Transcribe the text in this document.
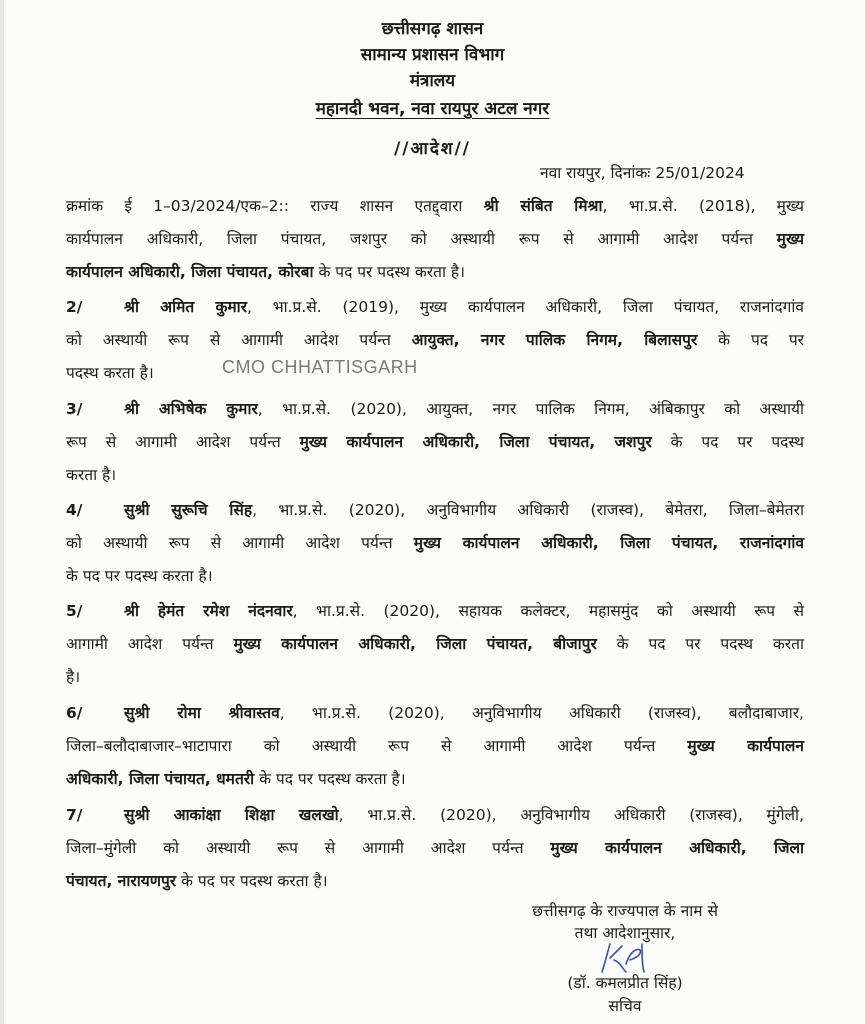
छत्तीसगढ़ शासन
सामान्य प्रशासन विभाग
मंत्रालय
महानदी भवन, नवा रायपुर अटल नगर
//आदेश//
नवा रायपुर, दिनांकः 25/01/2024
क्रमांक ई 1–03/2024/एक–2:: राज्य शासन एतद्द्वारा श्री संबित मिश्रा, भा.प्र.से. (2018), मुख्य
कार्यपालन अधिकारी, जिला पंचायत, जशपुर को अस्थायी रूप से आगामी आदेश पर्यन्त मुख्य
कार्यपालन अधिकारी, जिला पंचायत, कोरबा के पद पर पदस्थ करता है।
2/	श्री अमित कुमार, भा.प्र.से. (2019), मुख्य कार्यपालन अधिकारी, जिला पंचायत, राजनांदगांव
को अस्थायी रूप से आगामी आदेश पर्यन्त आयुक्त, नगर पालिक निगम, बिलासपुर के पद पर
पदस्थ करता है।	CMO CHHATTISGARH
3/	श्री अभिषेक कुमार, भा.प्र.से. (2020), आयुक्त, नगर पालिक निगम, अंबिकापुर को अस्थायी
रूप से आगामी आदेश पर्यन्त मुख्य कार्यपालन अधिकारी, जिला पंचायत, जशपुर के पद पर पदस्थ
करता है।
4/	सुश्री सुरूचि सिंह, भा.प्र.से. (2020), अनुविभागीय अधिकारी (राजस्व), बेमेतरा, जिला–बेमेतरा
को अस्थायी रूप से आगामी आदेश पर्यन्त मुख्य कार्यपालन अधिकारी, जिला पंचायत, राजनांदगांव
के पद पर पदस्थ करता है।
5/	श्री हेमंत रमेश नंदनवार, भा.प्र.से. (2020), सहायक कलेक्टर, महासमुंद को अस्थायी रूप से
आगामी आदेश पर्यन्त मुख्य कार्यपालन अधिकारी, जिला पंचायत, बीजापुर के पद पर पदस्थ करता
है।
6/	सुश्री रोमा श्रीवास्तव, भा.प्र.से. (2020), अनुविभागीय अधिकारी (राजस्व), बलौदाबाजार,
जिला–बलौदाबाजार–भाटापारा को अस्थायी रूप से आगामी आदेश पर्यन्त मुख्य कार्यपालन
अधिकारी, जिला पंचायत, धमतरी के पद पर पदस्थ करता है।
7/	सुश्री आकांक्षा शिक्षा खलखो, भा.प्र.से. (2020), अनुविभागीय अधिकारी (राजस्व), मुंगेली,
जिला–मुंगेली को अस्थायी रूप से आगामी आदेश पर्यन्त मुख्य कार्यपालन अधिकारी, जिला
पंचायत, नारायणपुर के पद पर पदस्थ करता है।
छत्तीसगढ़ के राज्यपाल के नाम से
तथा आदेशानुसार,
(डॉ. कमलप्रीत सिंह)
सचिव
